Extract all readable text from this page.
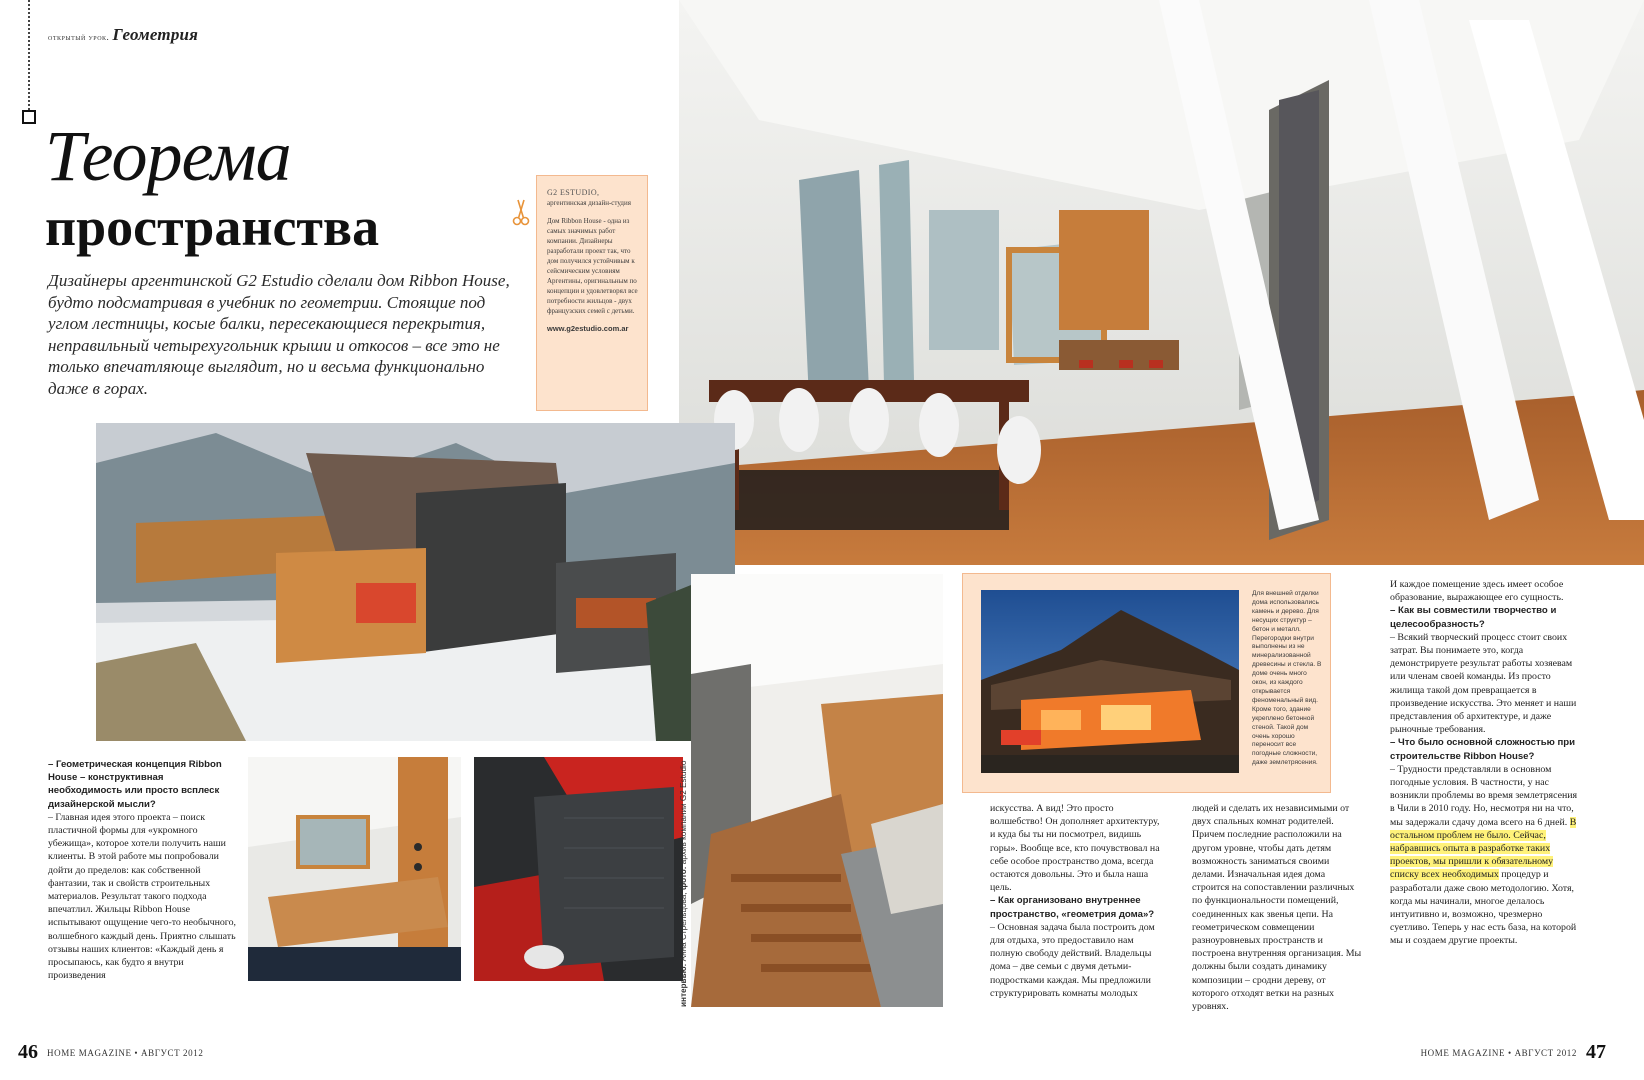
открытый урок. Геометрия
Теорема
пространства

Дизайнеры аргентинской G2 Estudio сделали дом Ribbon House, будто подсматривая в учебник по геометрии. Стоящие под углом лестницы, косые балки, пересекающиеся перекрытия, неправильный четырехугольник крыши и откосов – все это не только впечатляюще выглядит, но и весьма функционально даже в горах.

G2 ESTUDIO,
аргентинская дизайн-студия
Дом Ribbon House - одна из самых значимых работ компании. Дизайнеры разработали проект так, что дом получился устойчивым к сейсмическим условиям Аргентины, оригинальным по концепции и удовлетворял все потребности жильцов - двух французских семей с детьми.
www.g2estudio.com.ar
Для внешней отделки дома использовались камень и дерево. Для несущих структур – бетон и металл. Перегородки внутри выполнены из не минерализованной древесины и стекла. В доме очень много окон, из каждого открывается феноменальный вид. Кроме того, здание укреплено бетонной стеной. Такой дом очень хорошо переносит все погодные сложности, даже землетрясения.
интервью: Анна Стрельцова; фото: архив компании G2 Estudio

– Геометрическая концепция Ribbon House – конструктивная необходимость или просто всплеск дизайнерской мысли?

– Главная идея этого проекта – поиск пластичной формы для «укромного убежища», которое хотели получить наши клиенты. В этой работе мы попробовали дойти до пределов: как собственной фантазии, так и свойств строительных материалов. Результат такого подхода впечатлил. Жильцы Ribbon House испытывают ощущение чего-то необычного, волшебного каждый день. Приятно слышать отзывы наших клиентов: «Каждый день я просыпаюсь, как будто я внутри произведения

искусства. А вид! Это просто волшебство! Он дополняет архитектуру, и куда бы ты ни посмотрел, видишь горы». Вообще все, кто почувствовал на себе особое пространство дома, всегда остаются довольны. Это и была наша цель.

– Как организовано внутреннее пространство, «геометрия дома»?

– Основная задача была построить дом для отдыха, это предоставило нам полную свободу действий. Владельцы дома – две семьи с двумя детьми-подростками каждая. Мы предложили структурировать комнаты молодых

людей и сделать их независимыми от двух спальных комнат родителей. Причем последние расположили на другом уровне, чтобы дать детям возможность заниматься своими делами. Изначальная идея дома строится на сопоставлении различных по функциональности помещений, соединенных как звенья цепи. На геометрическом совмещении разноуровневых пространств и построена внутренняя организация. Мы должны были создать динамику композиции – сродни дереву, от которого отходят ветки на разных уровнях.

И каждое помещение здесь имеет особое образование, выражающее его сущность.

– Как вы совместили творчество и целесообразность?

– Всякий творческий процесс стоит своих затрат. Вы понимаете это, когда демонстрируете результат работы хозяевам или членам своей команды. Из просто жилища такой дом превращается в произведение искусства. Это меняет и наши представления об архитектуре, и даже рыночные требования.

– Что было основной сложностью при строительстве Ribbon House?

– Трудности представляли в основном погодные условия. В частности, у нас возникли проблемы во время землетрясения в Чили в 2010 году. Но, несмотря ни на что, мы задержали сдачу дома всего на 6 дней. В остальном проблем не было. Сейчас, набравшись опыта в разработке таких проектов, мы пришли к обязательному списку всех необходимых процедур и разработали даже свою методологию. Хотя, когда мы начинали, многое делалось интуитивно и, возможно, чрезмерно суетливо. Теперь у нас есть база, на которой мы и создаем другие проекты.

46 HOME MAGAZINE • АВГУСТ 2012	HOME MAGAZINE • АВГУСТ 2012 47
